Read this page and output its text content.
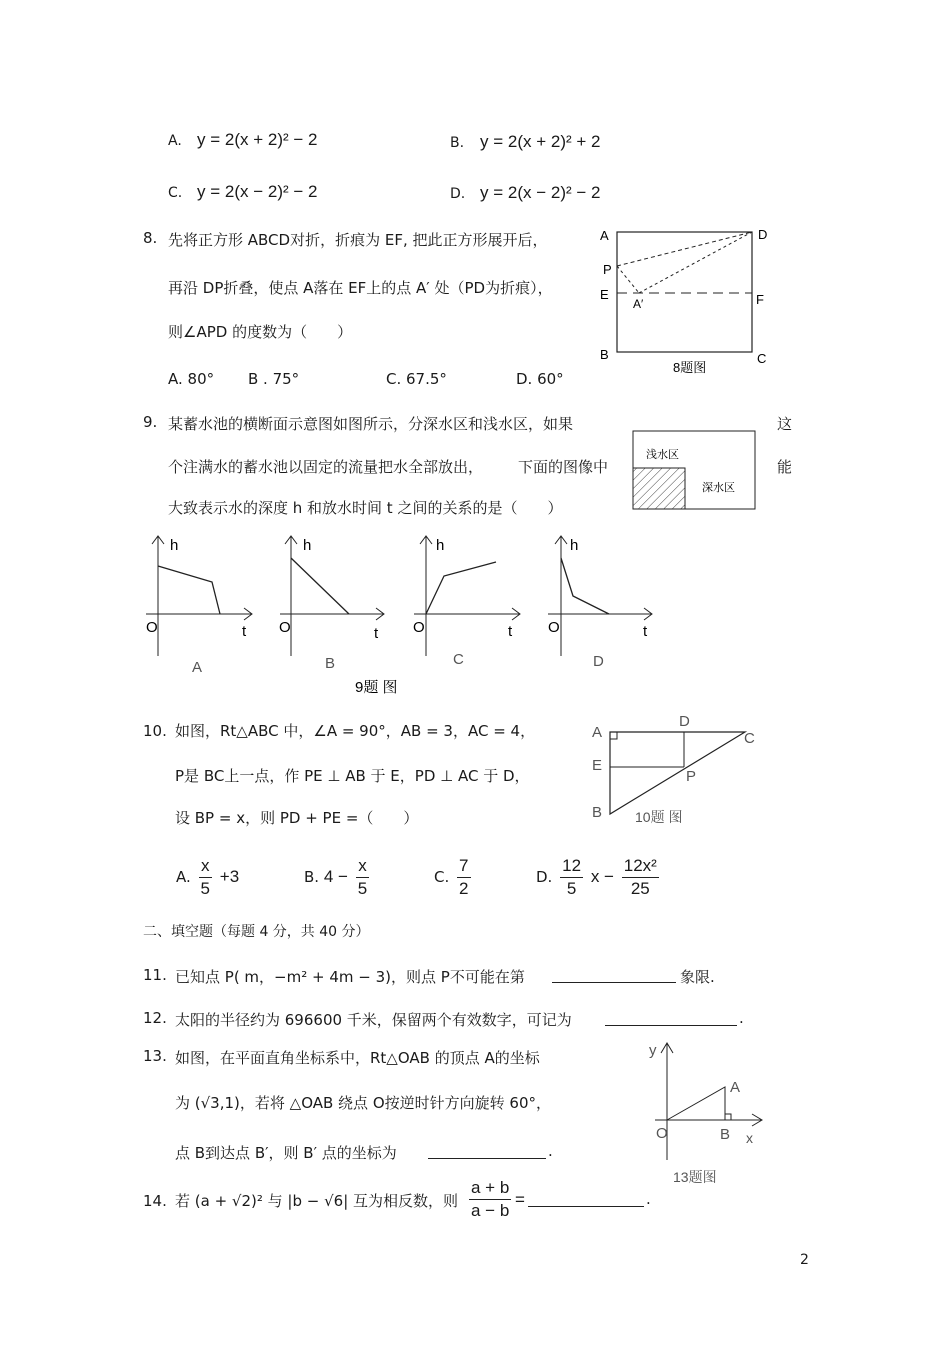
A. y = 2(x + 2)² − 2	B. y = 2(x + 2)² + 2
C. y = 2(x − 2)² − 2	D. y = 2(x − 2)² − 2
8. 先将正方形 ABCD对折，折痕为 EF, 把此正方形展开后，
再沿 DP折叠，使点 A落在 EF上的点 A′ 处（PD为折痕），
则∠APD 的度数为（　　）
A. 80° B . 75°	C. 67.5°	D. 60°
A	D
P
E	F
A′
B	C
8题图
9. 某蓄水池的横断面示意图如图所示，分深水区和浅水区，如果	这
个注满水的蓄水池以固定的流量把水全部放出， 下面的图像中	能
大致表示水的深度 h 和放水时间 t 之间的关系的是（　　）
浅水区
深水区
h
O	t
A
h
O	t
B
h
O	t
C
h
O	t
D
9题 图
10. 如图，Rt△ABC 中，∠A = 90°，AB = 3，AC = 4，
P是 BC上一点，作 PE ⊥ AB 于 E，PD ⊥ AC 于 D，
设 BP = x，则 PD + PE =（　　）
A. $\frac{x}{5} +3$	B. $4 - \frac{x}{5}$	C. $\frac{7}{2}$	D. $\frac{12}{5}$ $x - \frac{\text{12x²}}{25}$
A
D
C
E
P
B 10题 图
二、填空题（每题 4 分，共 40 分）
11. 已知点 P( m，−m² + 4m − 3)，则点 P不可能在第	象限.
12. 太阳的半径约为 696600 千米，保留两个有效数字，可记为	.
13. 如图，在平面直角坐标系中，Rt△OAB 的顶点 A的坐标
为 (√3,1)，若将 △OAB 绕点 O按逆时针方向旋转 60°，
点 B到达点 B′，则 B′ 点的坐标为	.
y
A
O	B x
13题图
14. 若 (a + √2)² 与 |b − √6| 互为相反数，则 $\frac{a + b}{a - b}$ =	.
2
